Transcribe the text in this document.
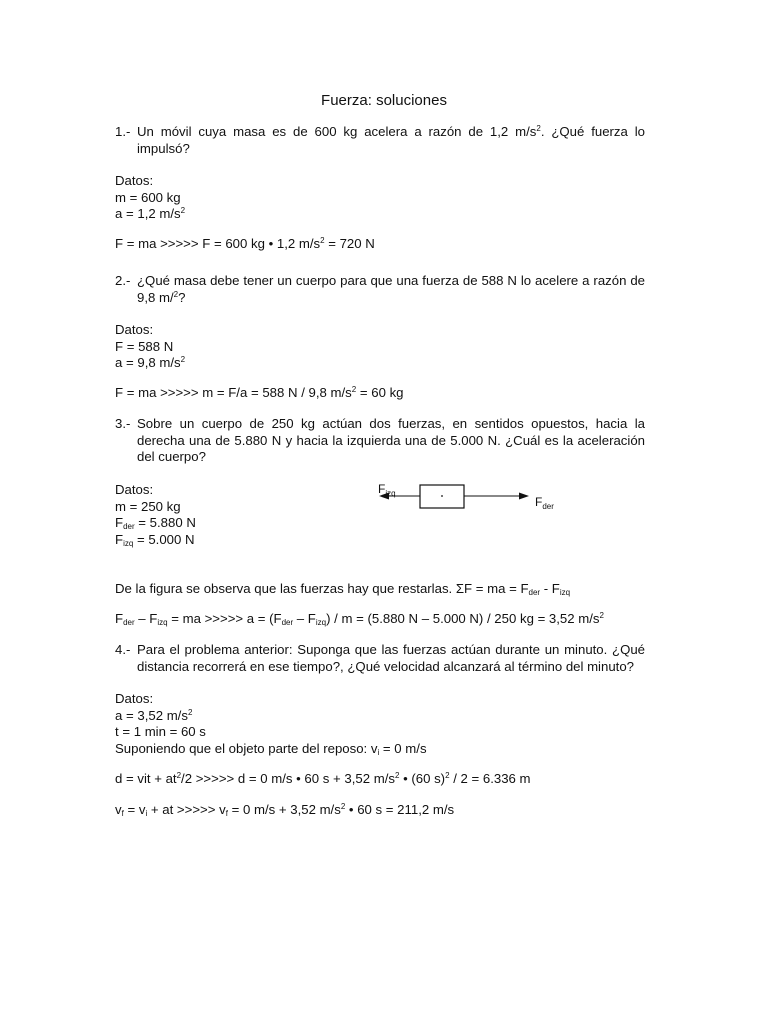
Fuerza: soluciones
1.- Un móvil cuya masa es de 600 kg acelera a razón de 1,2 $m/s^2$. ¿Qué fuerza lo impulsó?
Datos:
m = 600 kg
a = 1,2 $m/s^2$
F = ma >>>>> F = 600 kg • 1,2 $m/s^2 = 720$ N
2.- ¿Qué masa debe tener un cuerpo para que una fuerza de 588 N lo acelere a razón de 9,8 m/$^2$?
Datos:
F = 588 N
a = 9,8 $m/s^2$
F = ma >>>>> m = F/a = 588 N / 9,8 $m/s^2 = 60$ kg
3.- Sobre un cuerpo de 250 kg actúan dos fuerzas, en sentidos opuestos, hacia la derecha una de 5.880 N y hacia la izquierda una de 5.000 N. ¿Cuál es la aceleración del cuerpo?
Datos:
m = 250 kg
$F_{der} = 5.880$ N
$F_{izq} = 5.000$ N
$F_{izq}$
$F_{der}$
De la figura se observa que las fuerzas hay que restarlas. ΣF = ma = $F_{der} - F_{izq}$
$F_{der} - F_{izq}$ = ma >>>>> $a = (F_{der} - F_{izq}) / m = (5.880$ N – 5.000 N) / 250 kg = 3,52 $m/s^2$
4.- Para el problema anterior: Suponga que las fuerzas actúan durante un minuto. ¿Qué distancia recorrerá en ese tiempo?, ¿Qué velocidad alcanzará al término del minuto?
Datos:
a = 3,52 $m/s^2$
t = 1 min = 60 s
Suponiendo que el objeto parte del reposo: $v_i = 0$ m/s
d = vit + $at^2/2$ >>>>> d = 0 m/s • 60 s + 3,52 $m/s^2$ • (60 s)$^2$ / 2 = 6.336 m
$v_f = v_i$ + at >>>>> $v_f = 0$ m/s + 3,52 $m/s^2$ • 60 s = 211,2 m/s
